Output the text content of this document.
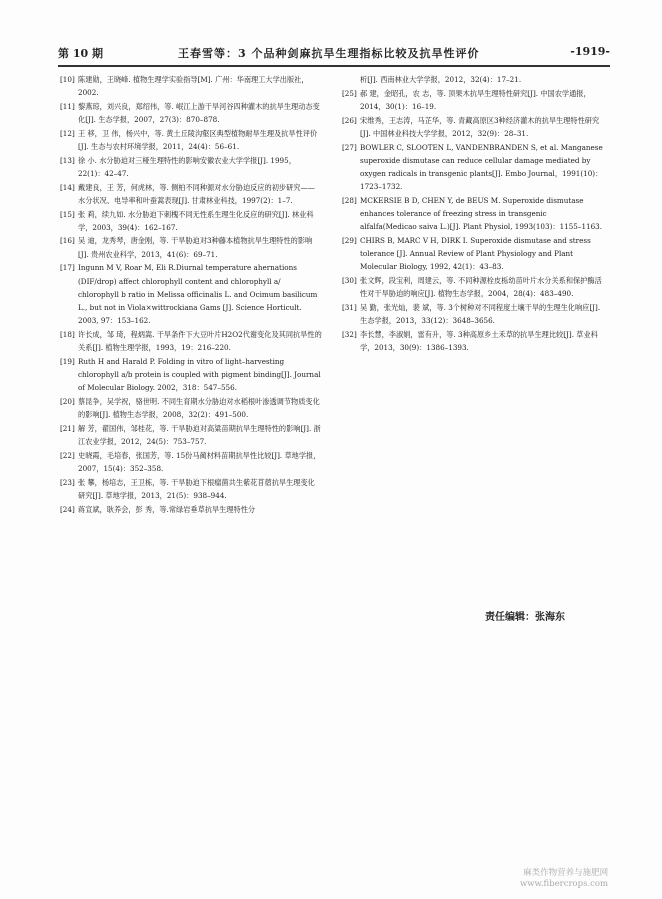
第 10 期	王春雪等：3 个品种剑麻抗旱生理指标比较及抗旱性评价	-1919-
[10] 陈建勋，王晓峰. 植物生理学实验指导[M]. 广州：华南理工大学出版社，2002.
[11] 黎燕琼，刘兴良，郑绍伟，等. 岷江上游干旱河谷四种灌木的抗旱生理动态变化[J]. 生态学报，2007，27(3)：870–878.
[12] 王 移，卫 伟，杨兴中，等. 黄土丘陵沟壑区典型植物耐旱生理及抗旱性评价[J]. 生态与农村环境学报，2011，24(4)：56–61.
[13] 徐 小. 水分胁迫对三桠生理特性的影响安徽农业大学学报[J]. 1995，22(1)：42–47.
[14] 戴建良，王 芳，何虎林，等. 侧柏不同种源对水分胁迫反应的初步研究——水分状况、电导率和叶蚕蒿表现[J]. 甘肃林业科技，1997(2)：1–7.
[15] 张 莉，续九如. 水分胁迫下刺槐不同无性系生理生化反应的研究[J]. 林业科学，2003，39(4)：162–167.
[16] 吴 迪，龙秀琴，唐金刚，等. 干旱胁迫对3种藤本植物抗旱生理特性的影响[J]. 贵州农业科学，2013，41(6)：69–71.
[17] Ingunn M V, Roar M, Eli R.Diurnal temperature ahernations (DIF/drop) affect chlorophyll content and chlorophyll a/ chlorophyll b ratio in Melissa officinalis L. and Ocimum basilicum L., but not in Viola×wittrockiana Gams [J]. Science Horticult. 2003, 97：153–162.
[18] 许长成，邹 琦，程炳嵩. 干旱条件下大豆叶片H2O2代谢变化及其同抗旱性的关系[J]. 植物生理学报，1993，19：216–220.
[19] Ruth H and Harald P. Folding in vitro of light–harvesting chlorophyll a/b protein is coupled with pigment binding[J]. Journal of Molecular Biology. 2002，318：547–556.
[20] 蔡昆争，吴学祝，骆世明. 不同生育期水分胁迫对水稻根叶渗透调节物质变化的影响[J]. 植物生态学报，2008，32(2)：491–500.
[21] 解 芳，翟国伟，邹桂花，等. 干旱胁迫对高粱苗期抗旱生理特性的影响[J]. 浙江农业学报，2012，24(5)：753–757.
[22] 史晓霞，毛培春，张国芳，等. 15份马蔺材料苗期抗旱性比较[J]. 草地学报，2007，15(4)：352–358.
[23] 张 攀，杨培志，王卫栋，等. 干旱胁迫下根瘤菌共生紫花苜蓿抗旱生理变化研究[J]. 草地学报，2013，21(5)：938–944.
[24] 蒋宣斌，耿养会，彭 秀，等.常绿岩垂草抗旱生理特性分
析[J]. 西南林业大学学报，2012，32(4)：17–21.
[25] 郝 建，金昭孔，农 志，等. 顶果木抗旱生理特性研究[J]. 中国农学通报，2014，30(1)：16–19.
[26] 宋维秀，王志涛，马芷华，等. 青藏高原区3种经济灌木的抗旱生理特性研究[J]. 中国林业科技大学学报，2012，32(9)：28–31.
[27] BOWLER C, SLOOTEN L, VANDENBRANDEN S, et al. Manganese superoxide dismutase can reduce cellular damage mediated by oxygen radicals in transgenic plants[J]. Embo Journal，1991(10)：1723–1732.
[28] MCKERSIE B D, CHEN Y, de BEUS M. Superoxide dismutase enhances tolerance of freezing stress in transgenic alfalfa(Medicao saiva L.)[J]. Plant Physiol, 1993(103)：1155–1163.
[29] CHIRS B, MARC V H, DIRK I. Superoxide dismutase and stress tolerance [J]. Annual Review of Plant Physiology and Plant Molecular Biology, 1992, 42(1)：43–83.
[30] 张文辉，段宝利，周建云，等. 不同种源栓皮栎幼苗叶片水分关系和保护酶活性对干旱胁迫的响应[J]. 植物生态学报，2004，28(4)：483–490.
[31] 吴 勤，张光灿，裴 斌，等. 3个树种对不同程度土壤干旱的生理生化响应[J]. 生态学报，2013，33(12)：3648–3656.
[32] 李长慧，李淑娟，雷有升，等. 3种高原乡土禾草的抗旱生理比较[J]. 草业科学，2013，30(9)：1386–1393.
责任编辑：张海东
麻类作物营养与施肥网
www.fibercrops.com
